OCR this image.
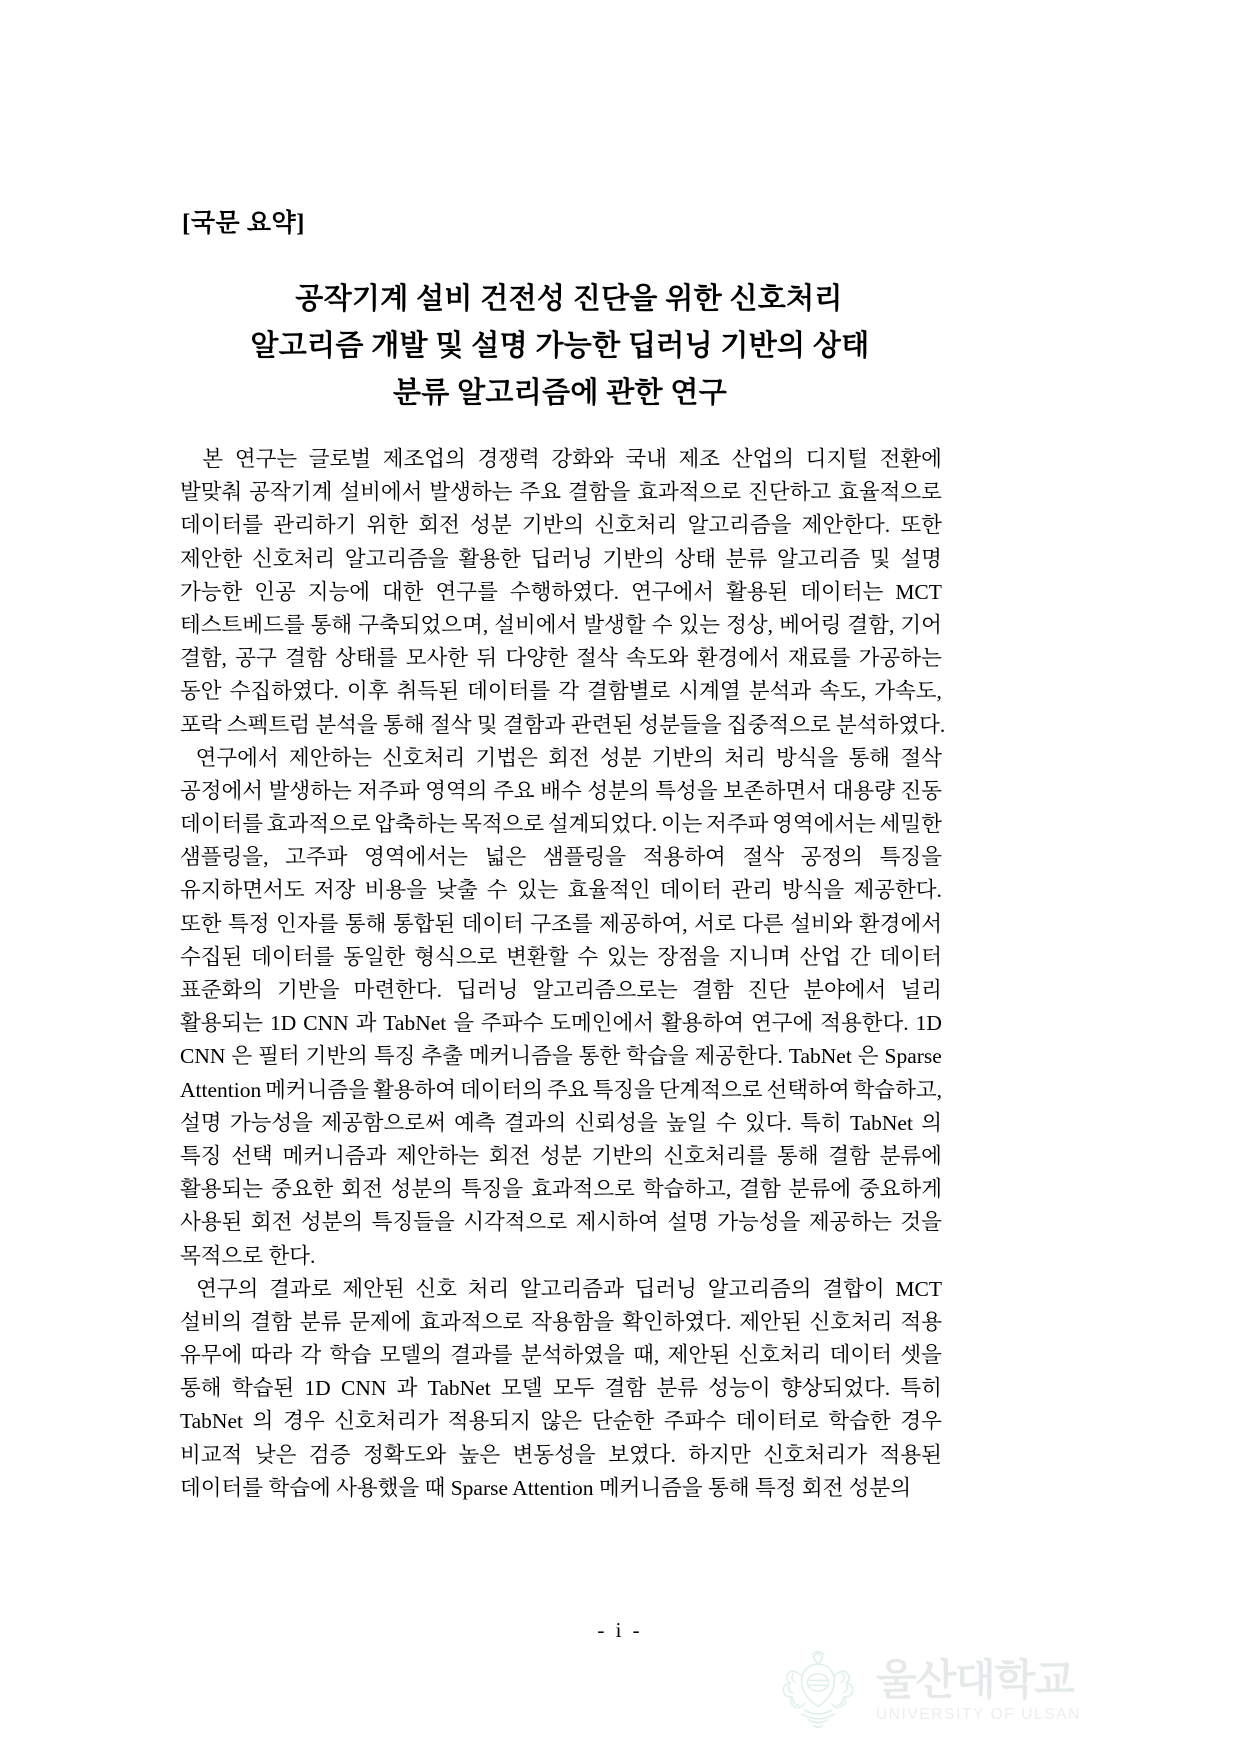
[국문 요약]
공작기계 설비 건전성 진단을 위한 신호처리
알고리즘 개발 및 설명 가능한 딥러닝 기반의 상태
분류 알고리즘에 관한 연구

본 연구는 글로벌 제조업의 경쟁력 강화와 국내 제조 산업의 디지털 전환에
발맞춰 공작기계 설비에서 발생하는 주요 결함을 효과적으로 진단하고 효율적으로
데이터를 관리하기 위한 회전 성분 기반의 신호처리 알고리즘을 제안한다. 또한
제안한 신호처리 알고리즘을 활용한 딥러닝 기반의 상태 분류 알고리즘 및 설명
가능한 인공 지능에 대한 연구를 수행하였다. 연구에서 활용된 데이터는 MCT
테스트베드를 통해 구축되었으며, 설비에서 발생할 수 있는 정상, 베어링 결함, 기어
결함, 공구 결함 상태를 모사한 뒤 다양한 절삭 속도와 환경에서 재료를 가공하는
동안 수집하였다. 이후 취득된 데이터를 각 결함별로 시계열 분석과 속도, 가속도,
포락 스펙트럼 분석을 통해 절삭 및 결함과 관련된 성분들을 집중적으로 분석하였다.

연구에서 제안하는 신호처리 기법은 회전 성분 기반의 처리 방식을 통해 절삭
공정에서 발생하는 저주파 영역의 주요 배수 성분의 특성을 보존하면서 대용량 진동
데이터를 효과적으로 압축하는 목적으로 설계되었다. 이는 저주파 영역에서는 세밀한
샘플링을, 고주파 영역에서는 넓은 샘플링을 적용하여 절삭 공정의 특징을
유지하면서도 저장 비용을 낮출 수 있는 효율적인 데이터 관리 방식을 제공한다.
또한 특정 인자를 통해 통합된 데이터 구조를 제공하여, 서로 다른 설비와 환경에서
수집된 데이터를 동일한 형식으로 변환할 수 있는 장점을 지니며 산업 간 데이터
표준화의 기반을 마련한다. 딥러닝 알고리즘으로는 결함 진단 분야에서 널리
활용되는 1D CNN 과 TabNet 을 주파수 도메인에서 활용하여 연구에 적용한다. 1D
CNN 은 필터 기반의 특징 추출 메커니즘을 통한 학습을 제공한다. TabNet 은 Sparse
Attention 메커니즘을 활용하여 데이터의 주요 특징을 단계적으로 선택하여 학습하고,
설명 가능성을 제공함으로써 예측 결과의 신뢰성을 높일 수 있다. 특히 TabNet 의
특징 선택 메커니즘과 제안하는 회전 성분 기반의 신호처리를 통해 결함 분류에
활용되는 중요한 회전 성분의 특징을 효과적으로 학습하고, 결함 분류에 중요하게
사용된 회전 성분의 특징들을 시각적으로 제시하여 설명 가능성을 제공하는 것을
목적으로 한다.

연구의 결과로 제안된 신호 처리 알고리즘과 딥러닝 알고리즘의 결합이 MCT
설비의 결함 분류 문제에 효과적으로 작용함을 확인하였다. 제안된 신호처리 적용
유무에 따라 각 학습 모델의 결과를 분석하였을 때, 제안된 신호처리 데이터 셋을
통해 학습된 1D CNN 과 TabNet 모델 모두 결함 분류 성능이 향상되었다. 특히
TabNet 의 경우 신호처리가 적용되지 않은 단순한 주파수 데이터로 학습한 경우
비교적 낮은 검증 정확도와 높은 변동성을 보였다. 하지만 신호처리가 적용된
데이터를 학습에 사용했을 때 Sparse Attention 메커니즘을 통해 특정 회전 성분의
- i -
울산대학교
UNIVERSITY OF ULSAN
